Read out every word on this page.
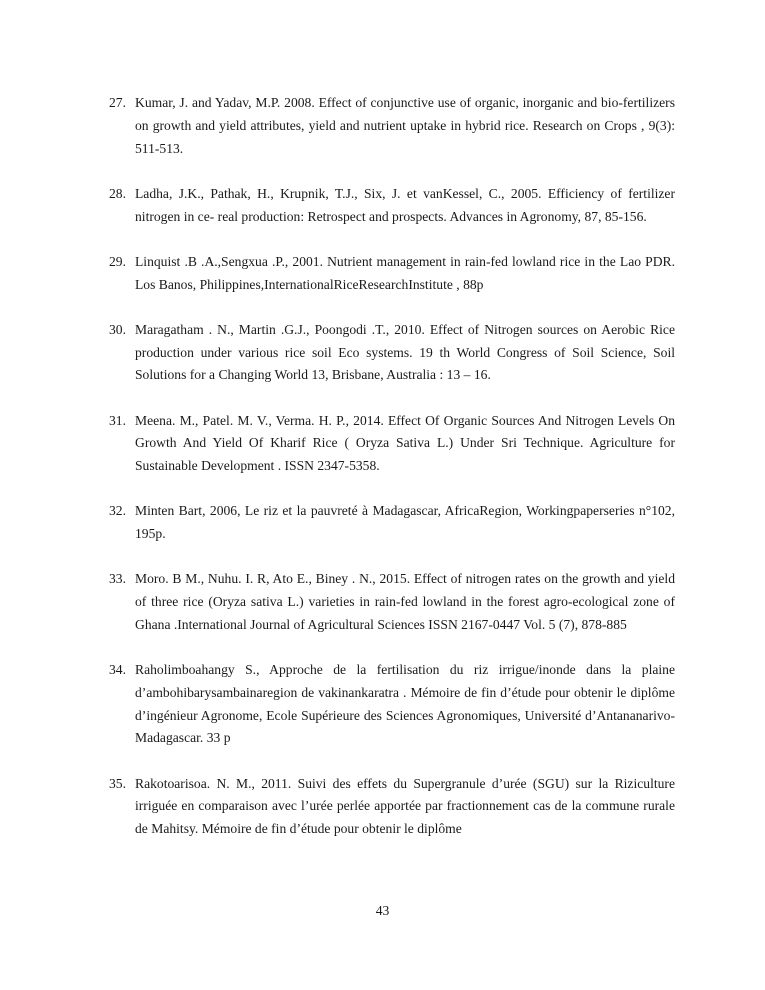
27. Kumar, J. and Yadav, M.P. 2008. Effect of conjunctive use of organic, inorganic and bio-fertilizers on growth and yield attributes, yield and nutrient uptake in hybrid rice. Research on Crops , 9(3): 511-513.
28. Ladha, J.K., Pathak, H., Krupnik, T.J., Six, J. et vanKessel, C., 2005. Efficiency of fertilizer nitrogen in ce- real production: Retrospect and prospects. Advances in Agronomy, 87, 85-156.
29. Linquist .B .A.,Sengxua .P., 2001. Nutrient management in rain-fed lowland rice in the Lao PDR. Los Banos, Philippines,InternationalRiceResearchInstitute , 88p
30. Maragatham . N., Martin .G.J., Poongodi .T., 2010. Effect of Nitrogen sources on Aerobic Rice production under various rice soil Eco systems. 19 th World Congress of Soil Science, Soil Solutions for a Changing World 13, Brisbane, Australia : 13 – 16.
31. Meena. M., Patel. M. V., Verma. H. P., 2014. Effect Of Organic Sources And Nitrogen Levels On Growth And Yield Of Kharif Rice ( Oryza Sativa L.) Under Sri Technique. Agriculture for Sustainable Development . ISSN 2347-5358.
32. Minten Bart, 2006, Le riz et la pauvreté à Madagascar, AfricaRegion, Workingpaperseries n°102, 195p.
33. Moro. B M., Nuhu. I. R, Ato E., Biney . N., 2015. Effect of nitrogen rates on the growth and yield of three rice (Oryza sativa L.) varieties in rain-fed lowland in the forest agro-ecological zone of Ghana .International Journal of Agricultural Sciences ISSN 2167-0447 Vol. 5 (7), 878-885
34. Raholimboahangy S., Approche de la fertilisation du riz irrigue/inonde dans la plaine d’ambohibarysambainaregion de vakinankaratra . Mémoire de fin d’étude pour obtenir le diplôme d’ingénieur Agronome, Ecole Supérieure des Sciences Agronomiques, Université d’Antananarivo-Madagascar. 33 p
35. Rakotoarisoa. N. M., 2011. Suivi des effets du Supergranule d’urée (SGU) sur la Riziculture irriguée en comparaison avec l’urée perlée apportée par fractionnement cas de la commune rurale de Mahitsy. Mémoire de fin d’étude pour obtenir le diplôme
43
